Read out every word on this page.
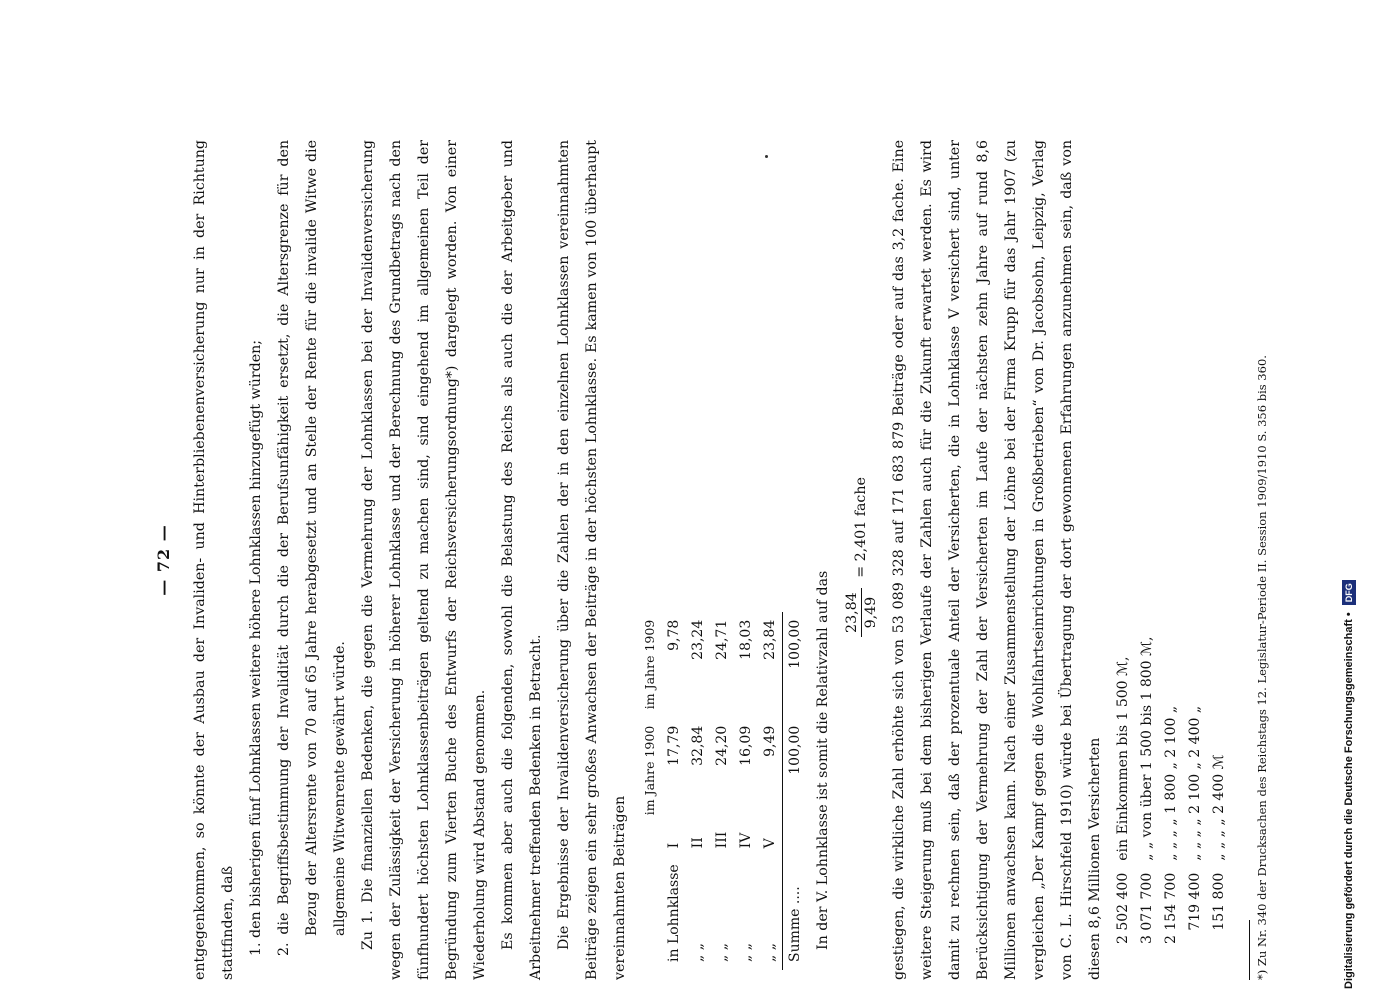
— 72 —	entgegenkommen, so könnte der Ausbau der Invaliden- und Hinterbliebenenversicherung nur in der Richtung stattfinden, daß 1. den bisherigen fünf Lohnklassen weitere höhere Lohnklassen hinzugefügt würden; 2. die Begriffsbestimmung der Invalidität durch die der Berufsunfähigkeit ersetzt, die Altersgrenze für den Bezug der Altersrente von 70 auf 65 Jahre herabgesetzt und an Stelle der Rente für die invalide Witwe die allgemeine Witwenrente gewährt würde. Zu 1. Die finanziellen Bedenken, die gegen die Vermehrung der Lohnklassen bei der Invalidenversicherung wegen der Zulässigkeit der Versicherung in höherer Lohnklasse und der Berechnung des Grundbetrags nach den fünfhundert höchsten Lohnklassenbeiträgen geltend zu machen sind, sind eingehend im allgemeinen Teil der Begründung zum Vierten Buche des Entwurfs der Reichsversicherungsordnung*) dargelegt worden. Von einer Wiederholung wird Abstand genommen. Es kommen aber auch die folgenden, sowohl die Belastung des Reichs als auch die der Arbeitgeber und Arbeitnehmer treffenden Bedenken in Betracht. Die Ergebnisse der Invalidenversicherung über die Zahlen der in den einzelnen Lohnklassen vereinnahmten Beiträge zeigen ein sehr großes Anwachsen der Beiträge in der höchsten Lohnklasse. Es kamen von 100 überhaupt vereinnahmten Beiträgen

		im Jahre 1900	im Jahre 1909
in Lohnklasse	I	17,79	9,78
„ „	II	32,84	23,24
„ „	III	24,20	24,71
„ „	IV	16,09	18,03
„ „	V	9,49	23,84
Summe ....		100,00	100,00 In der V. Lohnklasse ist somit die Relativzahl auf das 23,84 9,49
= 2,401 fache	gestiegen, die wirkliche Zahl erhöhte sich von 53 089 328 auf 171 683 879 Beiträge oder auf das 3,2 fache. Eine weitere Steigerung muß bei dem bisherigen Verlaufe der Zahlen auch für die Zukunft erwartet werden. Es wird damit zu rechnen sein, daß der prozentuale Anteil der Versicherten, die in Lohnklasse V versichert sind, unter Berücksichtigung der Vermehrung der Zahl der Versicherten im Laufe der nächsten zehn Jahre auf rund 8,6 Millionen anwachsen kann. Nach einer Zusammenstellung der Löhne bei der Firma Krupp für das Jahr 1907 (zu vergleichen „Der Kampf gegen die Wohlfahrtseinrichtungen in Großbetrieben“ von Dr. Jacobsohn, Leipzig, Verlag von C. L. Hirschfeld 1910) würde bei Übertragung der dort gewonnenen Erfahrungen anzunehmen sein, daß von diesen 8,6 Millionen Versicherten 2 502 400	ein Einkommen bis 1 500 ℳ,
3 071 700	„ „ von über 1 500 bis 1 800 ℳ,
2 154 700	„ „ „ „ 1 800 „ 2 100 „
719 400	„ „ „ „ 2 100 „ 2 400 „
151 800	„ „ „ „ 2 400 ℳ *) Zu Nr. 340 der Drucksachen des Reichstags 12. Legislatur-Periode II. Session 1909/1910 S. 356 bis 360.	Digitalisierung gefördert durch die Deutsche Forschungsgemeinschaft • DFG
